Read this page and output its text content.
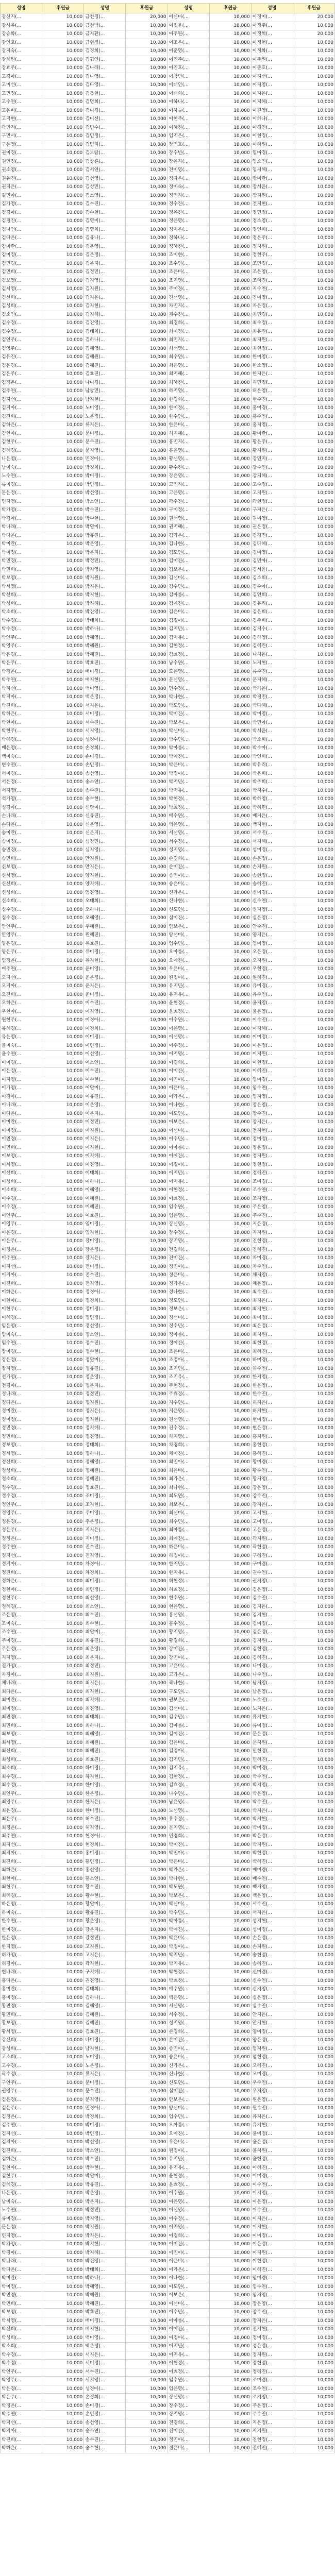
성명	후원금	성명	후원금	성명	후원금	성명	후원금
강신지(...	10,000	금천경(...	20,000	이신미(...	10,000	이정미(...	20,000
강사유(...	10,000	금천백(...	10,000	이정윤(...	10,000	이정주(...	10,000
강승화(...	10,000	금지환(...	10,000	이주원(...	10,000	이정혁(...	20,000
강연호(...	10,000	금현정(...	10,000	이조은(...	10,000	이정현(...	10,000
강지숙(...	10,000	김경희(...	10,000	이준영(...	10,000	이정화(...	10,000
강혜원(...	10,000	김귀연(...	10,000	이진주(...	10,000	이주원(...	10,000
강효주(...	10,000	김나래(...	10,000	이진호(...	10,000	이준호(...	10,000
고경아(...	10,000	김나영(...	10,000	이창민(...	10,000	이지선(...	10,000
고미선(...	10,000	김다영(...	10,000	이태인(...	10,000	이지영(...	10,000
고민정(...	10,000	김동현(...	10,000	이태희(...	10,000	이지은(...	10,000
고수연(...	10,000	김명희(...	10,000	이하나(...	10,000	이지혜(...	10,000
고은비(...	10,000	김미경(...	10,000	이하늘(...	10,000	이진영(...	10,000
고지현(...	10,000	김미선(...	10,000	이현주(...	10,000	이하나(...	10,000
곽민지(...	10,000	김민수(...	10,000	이혜진(...	10,000	이해인(...	10,000
구민서(...	10,000	김민정(...	10,000	임지은(...	10,000	이현정(...	10,000
구은영(...	10,000	김민지(...	10,000	장민호(...	10,000	이혜원(...	10,000
권미경(...	10,000	김보람(...	10,000	장수빈(...	10,000	임미경(...	10,000
권민정(...	10,000	김상훈(...	10,000	장은지(...	10,000	임소연(...	10,000
권소영(...	10,000	김서연(...	10,000	전미영(...	10,000	임지혜(...	10,000
권유진(...	10,000	김선영(...	10,000	정다은(...	10,000	장미란(...	10,000
권지은(...	10,000	김성민(...	10,000	정미숙(...	10,000	장서윤(...	10,000
길민아(...	10,000	김소영(...	10,000	정민지(...	10,000	장지원(...	10,000
김가영(...	10,000	김수진(...	10,000	정수진(...	10,000	전지현(...	10,000
김경아(...	10,000	김수현(...	10,000	정유진(...	10,000	정민정(...	10,000
김경진(...	10,000	김영미(...	10,000	정은영(...	10,000	정소영(...	10,000
김나연(...	10,000	김영희(...	10,000	정지은(...	10,000	정연희(...	10,000
김다은(...	10,000	김유나(...	10,000	정하나(...	10,000	정은주(...	10,000
김미란(...	10,000	김은영(...	10,000	정혜진(...	10,000	정지원(...	10,000
김미정(...	10,000	김은정(...	10,000	조미현(...	10,000	정현주(...	10,000
김민경(...	10,000	김은지(...	10,000	조수연(...	10,000	조민정(...	10,000
김민희(...	10,000	김정민(...	10,000	조은비(...	10,000	조은영(...	10,000
김보영(...	10,000	김지영(...	10,000	조지영(...	10,000	조혜진(...	10,000
김서영(...	10,000	김지원(...	10,000	주미경(...	10,000	지수연(...	10,000
김선희(...	10,000	김지은(...	10,000	진선영(...	10,000	진미영(...	10,000
김성희(...	10,000	김지현(...	10,000	차민지(...	10,000	차은정(...	10,000
김소연(...	10,000	김지혜(...	10,000	채수진(...	10,000	최민경(...	10,000
김수경(...	10,000	김진영(...	10,000	최경희(...	10,000	최수정(...	10,000
김수정(...	10,000	김태희(...	10,000	최미정(...	10,000	최유진(...	10,000
김연주(...	10,000	김하나(...	10,000	최민지(...	10,000	최지원(...	10,000
김영주(...	10,000	김혜영(...	10,000	최선영(...	10,000	최현정(...	10,000
김유진(...	10,000	김혜원(...	10,000	최수연(...	10,000	한미영(...	10,000
김은경(...	10,000	김혜진(...	10,000	최은영(...	10,000	한소영(...	10,000
김은주(...	10,000	김효진(...	10,000	최지혜(...	10,000	한지은(...	10,000
김정은(...	10,000	나미경(...	10,000	최혜진(...	10,000	허민정(...	10,000
김주연(...	10,000	남궁민(...	10,000	하지영(...	10,000	허은영(...	10,000
김지선(...	10,000	남지현(...	10,000	한경희(...	10,000	현수진(...	10,000
김지아(...	10,000	노미영(...	10,000	한미정(...	10,000	홍미경(...	10,000
김진희(...	10,000	노은정(...	10,000	한수연(...	10,000	홍수연(...	10,000
김하은(...	10,000	류지은(...	10,000	한은비(...	10,000	홍지영(...	10,000
김현아(...	10,000	문미정(...	10,000	허지혜(...	10,000	황미란(...	10,000
김현주(...	10,000	문수진(...	10,000	홍민지(...	10,000	황은주(...	10,000
김혜경(...	10,000	문지영(...	10,000	홍은영(...	10,000	황지원(...	10,000
나은영(...	10,000	민경아(...	10,000	황선영(...	10,000	강민지(...	10,000
남미숙(...	10,000	박경희(...	10,000	황수진(...	10,000	강수연(...	10,000
노수연(...	10,000	박미경(...	10,000	강은영(...	10,000	강지혜(...	10,000
류미경(...	10,000	박민정(...	10,000	고민지(...	10,000	고수정(...	10,000
문은정(...	10,000	박선영(...	10,000	고은영(...	10,000	고지원(...	10,000
민지영(...	10,000	박소연(...	10,000	곽수진(...	10,000	곽현정(...	10,000
박가영(...	10,000	박수진(...	10,000	구미정(...	10,000	구지은(...	10,000
박경아(...	10,000	박수현(...	10,000	권선영(...	10,000	권미영(...	10,000
박나래(...	10,000	박영미(...	10,000	권지혜(...	10,000	권은정(...	10,000
박다은(...	10,000	박유진(...	10,000	김가은(...	10,000	김경민(...	10,000
박미란(...	10,000	박은영(...	10,000	김나현(...	10,000	김다혜(...	10,000
박미정(...	10,000	박은지(...	10,000	김도연(...	10,000	김미영(...	10,000
박민경(...	10,000	박정민(...	10,000	김미진(...	10,000	김민아(...	10,000
박민희(...	10,000	박지영(...	10,000	김보은(...	10,000	김서윤(...	10,000
박보영(...	10,000	박지원(...	10,000	김선미(...	10,000	김소희(...	10,000
박서영(...	10,000	박지은(...	10,000	김수민(...	10,000	김수아(...	10,000
박선희(...	10,000	박지현(...	10,000	김아름(...	10,000	김연희(...	10,000
박성희(...	10,000	박지혜(...	10,000	김예진(...	10,000	김유리(...	10,000
박소희(...	10,000	박진영(...	10,000	김은비(...	10,000	김은희(...	10,000
박수경(...	10,000	박태희(...	10,000	김정아(...	10,000	김주희(...	10,000
박수정(...	10,000	박하나(...	10,000	김지민(...	10,000	김지수(...	10,000
박연주(...	10,000	박혜영(...	10,000	김지유(...	10,000	김하영(...	10,000
박영주(...	10,000	박혜원(...	10,000	김현정(...	10,000	김혜린(...	10,000
박은경(...	10,000	박혜진(...	10,000	김효정(...	10,000	나지은(...	10,000
박은주(...	10,000	박효진(...	10,000	남수연(...	10,000	노지현(...	10,000
박정은(...	10,000	배미경(...	10,000	도은영(...	10,000	류수진(...	10,000
박주연(...	10,000	배지현(...	10,000	문선영(...	10,000	문지혜(...	10,000
박지선(...	10,000	백미영(...	10,000	민수정(...	10,000	박가은(...	10,000
박지아(...	10,000	백은정(...	10,000	박나현(...	10,000	박경민(...	10,000
박진희(...	10,000	서지은(...	10,000	박도연(...	10,000	박다혜(...	10,000
박하은(...	10,000	서미정(...	10,000	박미진(...	10,000	박미영(...	10,000
박현아(...	10,000	서수진(...	10,000	박보은(...	10,000	박민아(...	10,000
박현주(...	10,000	서지영(...	10,000	박선미(...	10,000	박서윤(...	10,000
박혜경(...	10,000	성경아(...	10,000	박수민(...	10,000	박소희(...	10,000
배은영(...	10,000	손경희(...	10,000	박아름(...	10,000	박수아(...	10,000
백미숙(...	10,000	손미경(...	10,000	박예진(...	10,000	박연희(...	10,000
변수연(...	10,000	손민정(...	10,000	박은비(...	10,000	박유리(...	10,000
서미경(...	10,000	송선영(...	10,000	박정아(...	10,000	박은희(...	10,000
서은정(...	10,000	송소연(...	10,000	박지민(...	10,000	박주희(...	10,000
서지영(...	10,000	송수진(...	10,000	박지유(...	10,000	박지수(...	10,000
석가영(...	10,000	송수현(...	10,000	박현정(...	10,000	박하영(...	10,000
성경아(...	10,000	신영미(...	10,000	박효정(...	10,000	박혜린(...	10,000
손나래(...	10,000	신유진(...	10,000	배수연(...	10,000	배지은(...	10,000
손다은(...	10,000	신은영(...	10,000	백은영(...	10,000	백지현(...	10,000
송미란(...	10,000	신은지(...	10,000	서선영(...	10,000	서수진(...	10,000
송미정(...	10,000	심정민(...	10,000	서수정(...	10,000	서지혜(...	10,000
송민경(...	10,000	심지영(...	10,000	성지영(...	10,000	성미정(...	10,000
송민희(...	10,000	안지원(...	10,000	손경희(...	10,000	손은정(...	10,000
신보영(...	10,000	안지은(...	10,000	손미진(...	10,000	손지원(...	10,000
신서영(...	10,000	양지현(...	10,000	송민아(...	10,000	송현정(...	10,000
신선희(...	10,000	양지혜(...	10,000	송은비(...	10,000	송혜진(...	10,000
신성희(...	10,000	엄진영(...	10,000	신가은(...	10,000	신미경(...	10,000
신소희(...	10,000	오태희(...	10,000	신나현(...	10,000	신수연(...	10,000
심수경(...	10,000	오하나(...	10,000	신도연(...	10,000	신지영(...	10,000
심수정(...	10,000	오혜영(...	10,000	심미진(...	10,000	심은영(...	10,000
안연주(...	10,000	우혜원(...	10,000	안보은(...	10,000	안수진(...	10,000
안영주(...	10,000	원혜진(...	10,000	양선미(...	10,000	양지은(...	10,000
양은경(...	10,000	유효진(...	10,000	엄수민(...	10,000	엄미영(...	10,000
양은주(...	10,000	유미경(...	10,000	오아름(...	10,000	오은정(...	10,000
엄정은(...	10,000	유지현(...	10,000	오예진(...	10,000	오지원(...	10,000
여주연(...	10,000	윤미영(...	10,000	우은비(...	10,000	우현정(...	10,000
오지선(...	10,000	윤은정(...	10,000	원정아(...	10,000	원혜진(...	10,000
오지아(...	10,000	윤지은(...	10,000	유지민(...	10,000	유미경(...	10,000
오진희(...	10,000	윤미정(...	10,000	유지유(...	10,000	유수연(...	10,000
오하은(...	10,000	이수진(...	10,000	윤현정(...	10,000	윤지영(...	10,000
우현아(...	10,000	이지영(...	10,000	윤효정(...	10,000	윤은영(...	10,000
원현주(...	10,000	이경아(...	10,000	이수연(...	10,000	이수진(...	10,000
유혜경(...	10,000	이경희(...	10,000	이은영(...	10,000	이지혜(...	10,000
유은영(...	10,000	이미경(...	10,000	이선영(...	10,000	이미정(...	10,000
윤미숙(...	10,000	이민정(...	10,000	이수정(...	10,000	이은정(...	10,000
윤수연(...	10,000	이선영(...	10,000	이지영(...	10,000	이지원(...	10,000
이미경(...	10,000	이소연(...	10,000	이경희(...	10,000	이현정(...	10,000
이은정(...	10,000	이수진(...	10,000	이미진(...	10,000	이혜진(...	10,000
이지영(...	10,000	이수현(...	10,000	이민아(...	10,000	임미경(...	10,000
이가영(...	10,000	이영미(...	10,000	이은비(...	10,000	임수연(...	10,000
이경아(...	10,000	이유진(...	10,000	이가은(...	10,000	임지영(...	10,000
이나래(...	10,000	이은영(...	10,000	이나현(...	10,000	장은영(...	10,000
이다은(...	10,000	이은지(...	10,000	이도연(...	10,000	장수진(...	10,000
이미란(...	10,000	이정민(...	10,000	이보은(...	10,000	장지은(...	10,000
이미정(...	10,000	이지원(...	10,000	이선미(...	10,000	전지현(...	10,000
이민경(...	10,000	이지은(...	10,000	이수민(...	10,000	정미정(...	10,000
이민희(...	10,000	이지현(...	10,000	이아름(...	10,000	정은정(...	10,000
이보영(...	10,000	이지혜(...	10,000	이예진(...	10,000	정지원(...	10,000
이서영(...	10,000	이진영(...	10,000	이정아(...	10,000	정현정(...	10,000
이선희(...	10,000	이태희(...	10,000	이지민(...	10,000	정혜진(...	10,000
이성희(...	10,000	이하나(...	10,000	이지유(...	10,000	조미경(...	10,000
이소희(...	10,000	이혜영(...	10,000	이현정(...	10,000	조수연(...	10,000
이수경(...	10,000	이혜원(...	10,000	이효정(...	10,000	조지영(...	10,000
이수정(...	10,000	이혜진(...	10,000	임수연(...	10,000	주은영(...	10,000
이연주(...	10,000	이효진(...	10,000	임은영(...	10,000	주수진(...	10,000
이영주(...	10,000	임미경(...	10,000	장선영(...	10,000	지은정(...	10,000
이은경(...	10,000	임지현(...	10,000	장수정(...	10,000	지지원(...	10,000
이은주(...	10,000	장미영(...	10,000	장지영(...	10,000	진현정(...	10,000
이정은(...	10,000	장은정(...	10,000	전경희(...	10,000	진혜진(...	10,000
이주연(...	10,000	장지은(...	10,000	전미진(...	10,000	차미경(...	10,000
이지선(...	10,000	전미정(...	10,000	정민아(...	10,000	차수연(...	10,000
이지아(...	10,000	전수진(...	10,000	정은비(...	10,000	채지영(...	10,000
이진희(...	10,000	전지영(...	10,000	정가은(...	10,000	채은영(...	10,000
이하은(...	10,000	정경아(...	10,000	정나현(...	10,000	최수진(...	10,000
이현아(...	10,000	정경희(...	10,000	정도연(...	10,000	최지은(...	10,000
이현주(...	10,000	정미경(...	10,000	정보은(...	10,000	최지현(...	10,000
이혜경(...	10,000	정민정(...	10,000	정선미(...	10,000	최미정(...	10,000
임은영(...	10,000	정선영(...	10,000	정수민(...	10,000	최은정(...	10,000
임미숙(...	10,000	정소연(...	10,000	정아름(...	10,000	최지원(...	10,000
임수연(...	10,000	정수진(...	10,000	정예진(...	10,000	최현정(...	10,000
장미경(...	10,000	정수현(...	10,000	조은비(...	10,000	최혜진(...	10,000
장은정(...	10,000	정영미(...	10,000	조정아(...	10,000	하미경(...	10,000
장지영(...	10,000	정유진(...	10,000	조지민(...	10,000	하수연(...	10,000
전가영(...	10,000	정은영(...	10,000	조지유(...	10,000	한지영(...	10,000
전경아(...	10,000	정은지(...	10,000	주현정(...	10,000	한은영(...	10,000
정나래(...	10,000	정정민(...	10,000	주효정(...	10,000	한수진(...	10,000
정다은(...	10,000	정지원(...	10,000	지수연(...	10,000	허지은(...	10,000
정미란(...	10,000	정지은(...	10,000	지은영(...	10,000	허지현(...	10,000
정미정(...	10,000	정지현(...	10,000	진선영(...	10,000	현미정(...	10,000
정민경(...	10,000	정지혜(...	10,000	진수정(...	10,000	현은정(...	10,000
정민희(...	10,000	정진영(...	10,000	차지영(...	10,000	홍지원(...	10,000
정보영(...	10,000	정태희(...	10,000	차경희(...	10,000	홍현정(...	10,000
정서영(...	10,000	정하나(...	10,000	채미진(...	10,000	홍혜진(...	10,000
정선희(...	10,000	정혜영(...	10,000	최민아(...	10,000	황미경(...	10,000
정성희(...	10,000	정혜원(...	10,000	최은비(...	10,000	황수연(...	10,000
정소희(...	10,000	정혜진(...	10,000	최가은(...	10,000	황지영(...	10,000
정수경(...	10,000	정효진(...	10,000	최나현(...	10,000	강은영(...	10,000
정수정(...	10,000	조미경(...	10,000	최도연(...	10,000	강수진(...	10,000
정연주(...	10,000	조지현(...	10,000	최보은(...	10,000	강지은(...	10,000
정영주(...	10,000	주미영(...	10,000	최선미(...	10,000	고지현(...	10,000
정은경(...	10,000	주은정(...	10,000	최수민(...	10,000	고미정(...	10,000
정은주(...	10,000	지지은(...	10,000	최아름(...	10,000	고은정(...	10,000
정정은(...	10,000	지미정(...	10,000	최예진(...	10,000	곽지원(...	10,000
정주연(...	10,000	진수진(...	10,000	하은비(...	10,000	곽현정(...	10,000
정지선(...	10,000	진지영(...	10,000	하정아(...	10,000	구혜진(...	10,000
정지아(...	10,000	차경아(...	10,000	한지민(...	10,000	구미경(...	10,000
정진희(...	10,000	차경희(...	10,000	한지유(...	10,000	권수연(...	10,000
정하은(...	10,000	최미경(...	10,000	허현정(...	10,000	권지영(...	10,000
정현아(...	10,000	최민정(...	10,000	허효정(...	10,000	김은영(...	10,000
정현주(...	10,000	최선영(...	10,000	현수연(...	10,000	김수진(...	10,000
정혜경(...	10,000	최소연(...	10,000	현은영(...	10,000	김지은(...	10,000
조은영(...	10,000	최수진(...	10,000	홍선영(...	10,000	김지현(...	10,000
조미숙(...	10,000	최수현(...	10,000	홍수정(...	10,000	김미정(...	10,000
조수연(...	10,000	최영미(...	10,000	황지영(...	10,000	김은정(...	10,000
주미경(...	10,000	최유진(...	10,000	황경희(...	10,000	김지원(...	10,000
주은정(...	10,000	최은영(...	10,000	강미진(...	10,000	김현정(...	10,000
지지영(...	10,000	최은지(...	10,000	강민아(...	10,000	김혜진(...	10,000
진가영(...	10,000	최정민(...	10,000	고은비(...	10,000	나미경(...	10,000
차경아(...	10,000	최지원(...	10,000	고가은(...	10,000	나수연(...	10,000
채나래(...	10,000	최지은(...	10,000	곽나현(...	10,000	남지영(...	10,000
최다은(...	10,000	최지현(...	10,000	구도연(...	10,000	남은영(...	10,000
최미란(...	10,000	최지혜(...	10,000	권보은(...	10,000	노수진(...	10,000
최미정(...	10,000	최진영(...	10,000	김선미(...	10,000	노지은(...	10,000
최민경(...	10,000	최태희(...	10,000	김수민(...	10,000	류지현(...	10,000
최민희(...	10,000	최하나(...	10,000	김아름(...	10,000	류미정(...	10,000
최보영(...	10,000	최혜영(...	10,000	김예진(...	10,000	문은정(...	10,000
최서영(...	10,000	최혜원(...	10,000	김은비(...	10,000	문지원(...	10,000
최선희(...	10,000	최혜진(...	10,000	김정아(...	10,000	민현정(...	10,000
최성희(...	10,000	최효진(...	10,000	김지민(...	10,000	민혜진(...	10,000
최소희(...	10,000	하미경(...	10,000	김지유(...	10,000	박미경(...	10,000
최수경(...	10,000	하지현(...	10,000	김현정(...	10,000	박수연(...	10,000
최수정(...	10,000	한미영(...	10,000	김효정(...	10,000	박지영(...	10,000
최연주(...	10,000	한은정(...	10,000	나수연(...	10,000	박은영(...	10,000
최영주(...	10,000	한지은(...	10,000	남은영(...	10,000	박수진(...	10,000
최은경(...	10,000	한미정(...	10,000	노선영(...	10,000	박지은(...	10,000
최은주(...	10,000	허수진(...	10,000	류수정(...	10,000	박지현(...	10,000
최정은(...	10,000	허지영(...	10,000	문지영(...	10,000	박미정(...	10,000
최주연(...	10,000	현경아(...	10,000	민경희(...	10,000	박은정(...	10,000
최지선(...	10,000	현경희(...	10,000	박미진(...	10,000	박지원(...	10,000
최지아(...	10,000	홍미경(...	10,000	박민아(...	10,000	박현정(...	10,000
최진희(...	10,000	홍민정(...	10,000	박은비(...	10,000	박혜진(...	10,000
최하은(...	10,000	홍선영(...	10,000	박가은(...	10,000	배미경(...	10,000
최현아(...	10,000	홍소연(...	10,000	박나현(...	10,000	배수연(...	10,000
최현주(...	10,000	황수진(...	10,000	박도연(...	10,000	백지영(...	10,000
최혜경(...	10,000	황수현(...	10,000	박보은(...	10,000	백은영(...	10,000
하은영(...	10,000	황영미(...	10,000	박선미(...	10,000	서수진(...	10,000
하미숙(...	10,000	황유진(...	10,000	박수민(...	10,000	서지은(...	10,000
한수연(...	10,000	황은영(...	10,000	박아름(...	10,000	성지현(...	10,000
한미경(...	10,000	강은지(...	10,000	박예진(...	10,000	성미정(...	10,000
한은정(...	10,000	강정민(...	10,000	박은비(...	10,000	손은정(...	10,000
한지영(...	10,000	고지원(...	10,000	박정아(...	10,000	손지원(...	10,000
허가영(...	10,000	고지은(...	10,000	박지민(...	10,000	송현정(...	10,000
허경아(...	10,000	곽지현(...	10,000	박지유(...	10,000	송혜진(...	10,000
현나래(...	10,000	구지혜(...	10,000	박현정(...	10,000	신미경(...	10,000
홍다은(...	10,000	권진영(...	10,000	박효정(...	10,000	신수연(...	10,000
홍미란(...	10,000	김태희(...	10,000	배수연(...	10,000	신지영(...	10,000
홍미정(...	10,000	김하나(...	10,000	백은영(...	10,000	심은영(...	10,000
황민경(...	10,000	김혜영(...	10,000	서선영(...	10,000	심수진(...	10,000
황민희(...	10,000	김혜원(...	10,000	서수정(...	10,000	안지은(...	10,000
황보영(...	10,000	김혜진(...	10,000	성지영(...	10,000	안지현(...	10,000
황서영(...	10,000	김효진(...	10,000	손경희(...	10,000	양미정(...	10,000
강선희(...	10,000	나미경(...	10,000	손미진(...	10,000	양은정(...	10,000
강성희(...	10,000	남지현(...	10,000	송민아(...	10,000	엄지원(...	10,000
고소희(...	10,000	노미영(...	10,000	송은비(...	10,000	엄현정(...	10,000
고수경(...	10,000	노은정(...	10,000	신가은(...	10,000	오혜진(...	10,000
곽수정(...	10,000	류지은(...	10,000	신나현(...	10,000	오미경(...	10,000
구연주(...	10,000	문미정(...	10,000	신도연(...	10,000	우수연(...	10,000
권영주(...	10,000	문수진(...	10,000	심미진(...	10,000	우지영(...	10,000
김은경(...	10,000	문지영(...	10,000	안보은(...	10,000	원은영(...	10,000
김은주(...	10,000	민경아(...	10,000	양선미(...	10,000	원수진(...	10,000
김정은(...	10,000	박경희(...	10,000	엄수민(...	10,000	유지은(...	10,000
김주연(...	10,000	박미경(...	10,000	오아름(...	10,000	유지현(...	10,000
김지선(...	10,000	박민정(...	10,000	오예진(...	10,000	윤미정(...	10,000
김지아(...	10,000	박선영(...	10,000	우은비(...	10,000	윤은정(...	10,000
김진희(...	10,000	박소연(...	10,000	원정아(...	10,000	윤지원(...	10,000
김하은(...	10,000	박수진(...	10,000	유지민(...	10,000	윤현정(...	10,000
김현아(...	10,000	박수현(...	10,000	유지유(...	10,000	이혜진(...	10,000
김현주(...	10,000	박영미(...	10,000	윤현정(...	10,000	이미경(...	10,000
김혜경(...	10,000	박유진(...	10,000	윤효정(...	10,000	이수연(...	10,000
나은영(...	10,000	박은영(...	10,000	이수연(...	10,000	이지영(...	10,000
남미숙(...	10,000	박은지(...	10,000	이은영(...	10,000	이은영(...	10,000
노수연(...	10,000	박정민(...	10,000	이선영(...	10,000	이수진(...	10,000
류미경(...	10,000	박지영(...	10,000	이수정(...	10,000	이지은(...	10,000
문은정(...	10,000	박지원(...	10,000	이지영(...	10,000	이지현(...	10,000
민지영(...	10,000	박지은(...	10,000	이경희(...	10,000	이미정(...	10,000
박가영(...	10,000	박지현(...	10,000	이미진(...	10,000	이은정(...	10,000
박경아(...	10,000	박지혜(...	10,000	이민아(...	10,000	이지원(...	10,000
박나래(...	10,000	박진영(...	10,000	이은비(...	10,000	이현정(...	10,000
박다은(...	10,000	박태희(...	10,000	이가은(...	10,000	이혜진(...	10,000
박미란(...	10,000	박하나(...	10,000	이나현(...	10,000	임미경(...	10,000
박미정(...	10,000	박혜영(...	10,000	이도연(...	10,000	임수연(...	10,000
박민경(...	10,000	박혜원(...	10,000	이보은(...	10,000	임지영(...	10,000
박민희(...	10,000	박혜진(...	10,000	이선미(...	10,000	장은영(...	10,000
박보영(...	10,000	박효진(...	10,000	이수민(...	10,000	장수진(...	10,000
박서영(...	10,000	배미경(...	10,000	이아름(...	10,000	장지은(...	10,000
박선희(...	10,000	배지현(...	10,000	이예진(...	10,000	전지현(...	10,000
박성희(...	10,000	백미영(...	10,000	이정아(...	10,000	정미정(...	10,000
박소희(...	10,000	백은정(...	10,000	이지민(...	10,000	정은정(...	10,000
박수경(...	10,000	서지은(...	10,000	이지유(...	10,000	정지원(...	10,000
박수정(...	10,000	서미정(...	10,000	이현정(...	10,000	정현정(...	10,000
박연주(...	10,000	서수진(...	10,000	이효정(...	10,000	정혜진(...	10,000
박영주(...	10,000	서지영(...	10,000	임수연(...	10,000	조미경(...	10,000
박은경(...	10,000	성경아(...	10,000	임은영(...	10,000	조수연(...	10,000
박은주(...	10,000	손경희(...	10,000	장선영(...	10,000	조지영(...	10,000
박정은(...	10,000	손미경(...	10,000	장수정(...	10,000	주은영(...	10,000
박주연(...	10,000	손민정(...	10,000	장지영(...	10,000	주수진(...	10,000
박지선(...	10,000	송선영(...	10,000	전경희(...	10,000	지은정(...	10,000
박지아(...	10,000	송소연(...	10,000	전미진(...	10,000	지지원(...	10,000
박진희(...	10,000	송수진(...	10,000	정민아(...	10,000	진현정(...	10,000
박하은(...	10,000	송수현(...	10,000	정은비(...	10,000	진혜진(...	10,000
